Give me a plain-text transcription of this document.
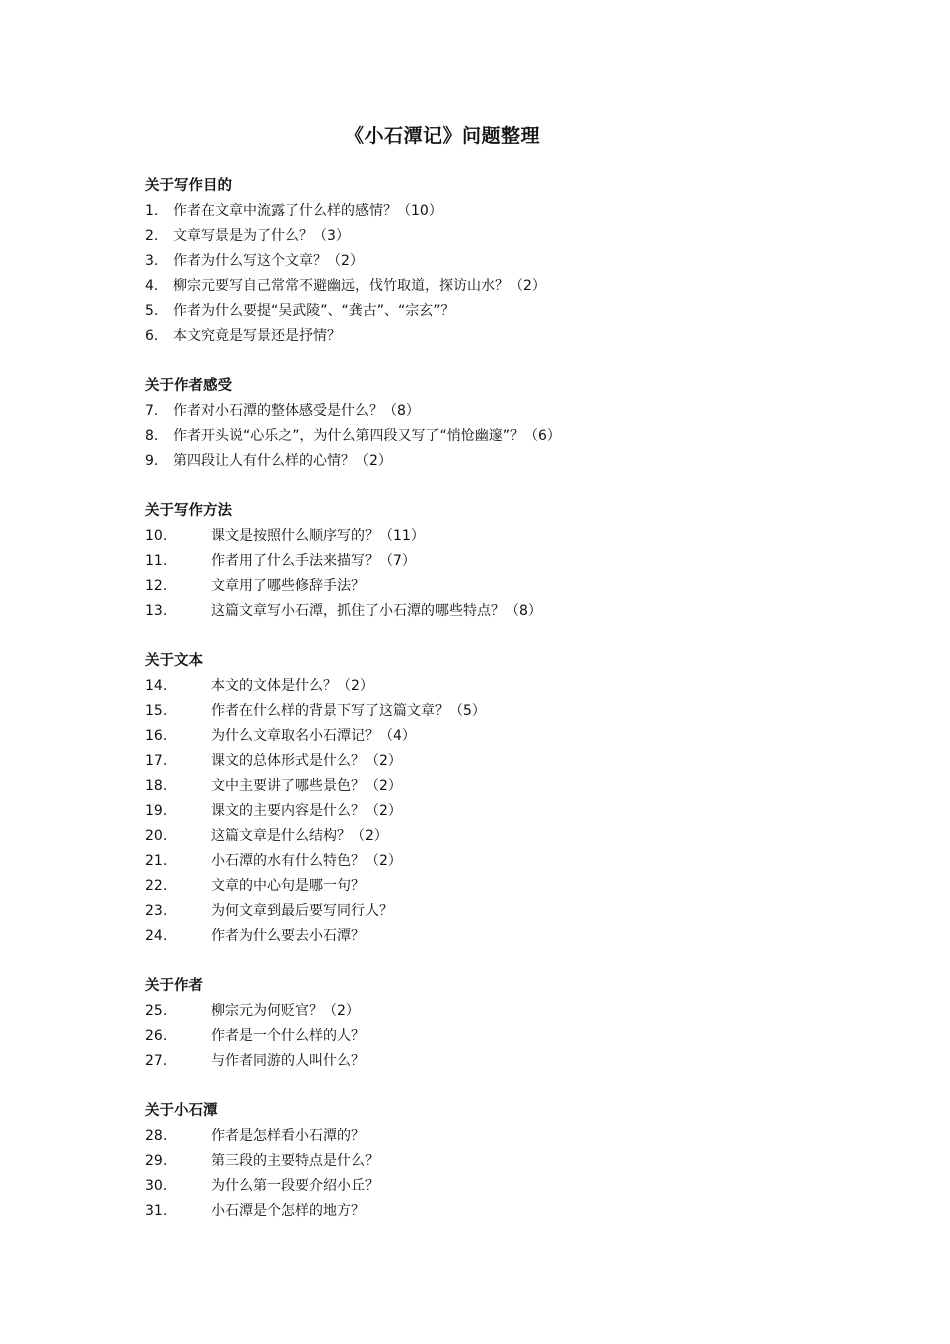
《小石潭记》问题整理
关于写作目的
1.	作者在文章中流露了什么样的感情？（10）
2.	文章写景是为了什么？（3）
3.	作者为什么写这个文章？（2）
4.	柳宗元要写自己常常不避幽远，伐竹取道，探访山水？（2）
5.	作者为什么要提“吴武陵”、“龚古”、“宗玄”？
6.	本文究竟是写景还是抒情？
关于作者感受
7.	作者对小石潭的整体感受是什么？（8）
8.	作者开头说“心乐之”，为什么第四段又写了“悄怆幽邃”？（6）
9.	第四段让人有什么样的心情？（2）
关于写作方法
10.	课文是按照什么顺序写的？（11）
11.	作者用了什么手法来描写？（7）
12.	文章用了哪些修辞手法？
13.	这篇文章写小石潭，抓住了小石潭的哪些特点？（8）
关于文本
14.	本文的文体是什么？（2）
15.	作者在什么样的背景下写了这篇文章？（5）
16.	为什么文章取名小石潭记？（4）
17.	课文的总体形式是什么？（2）
18.	文中主要讲了哪些景色？（2）
19.	课文的主要内容是什么？（2）
20.	这篇文章是什么结构？（2）
21.	小石潭的水有什么特色？（2）
22.	文章的中心句是哪一句？
23.	为何文章到最后要写同行人？
24.	作者为什么要去小石潭？
关于作者
25.	柳宗元为何贬官？（2）
26.	作者是一个什么样的人？
27.	与作者同游的人叫什么？
关于小石潭
28.	作者是怎样看小石潭的？
29.	第三段的主要特点是什么？
30.	为什么第一段要介绍小丘？
31.	小石潭是个怎样的地方？
